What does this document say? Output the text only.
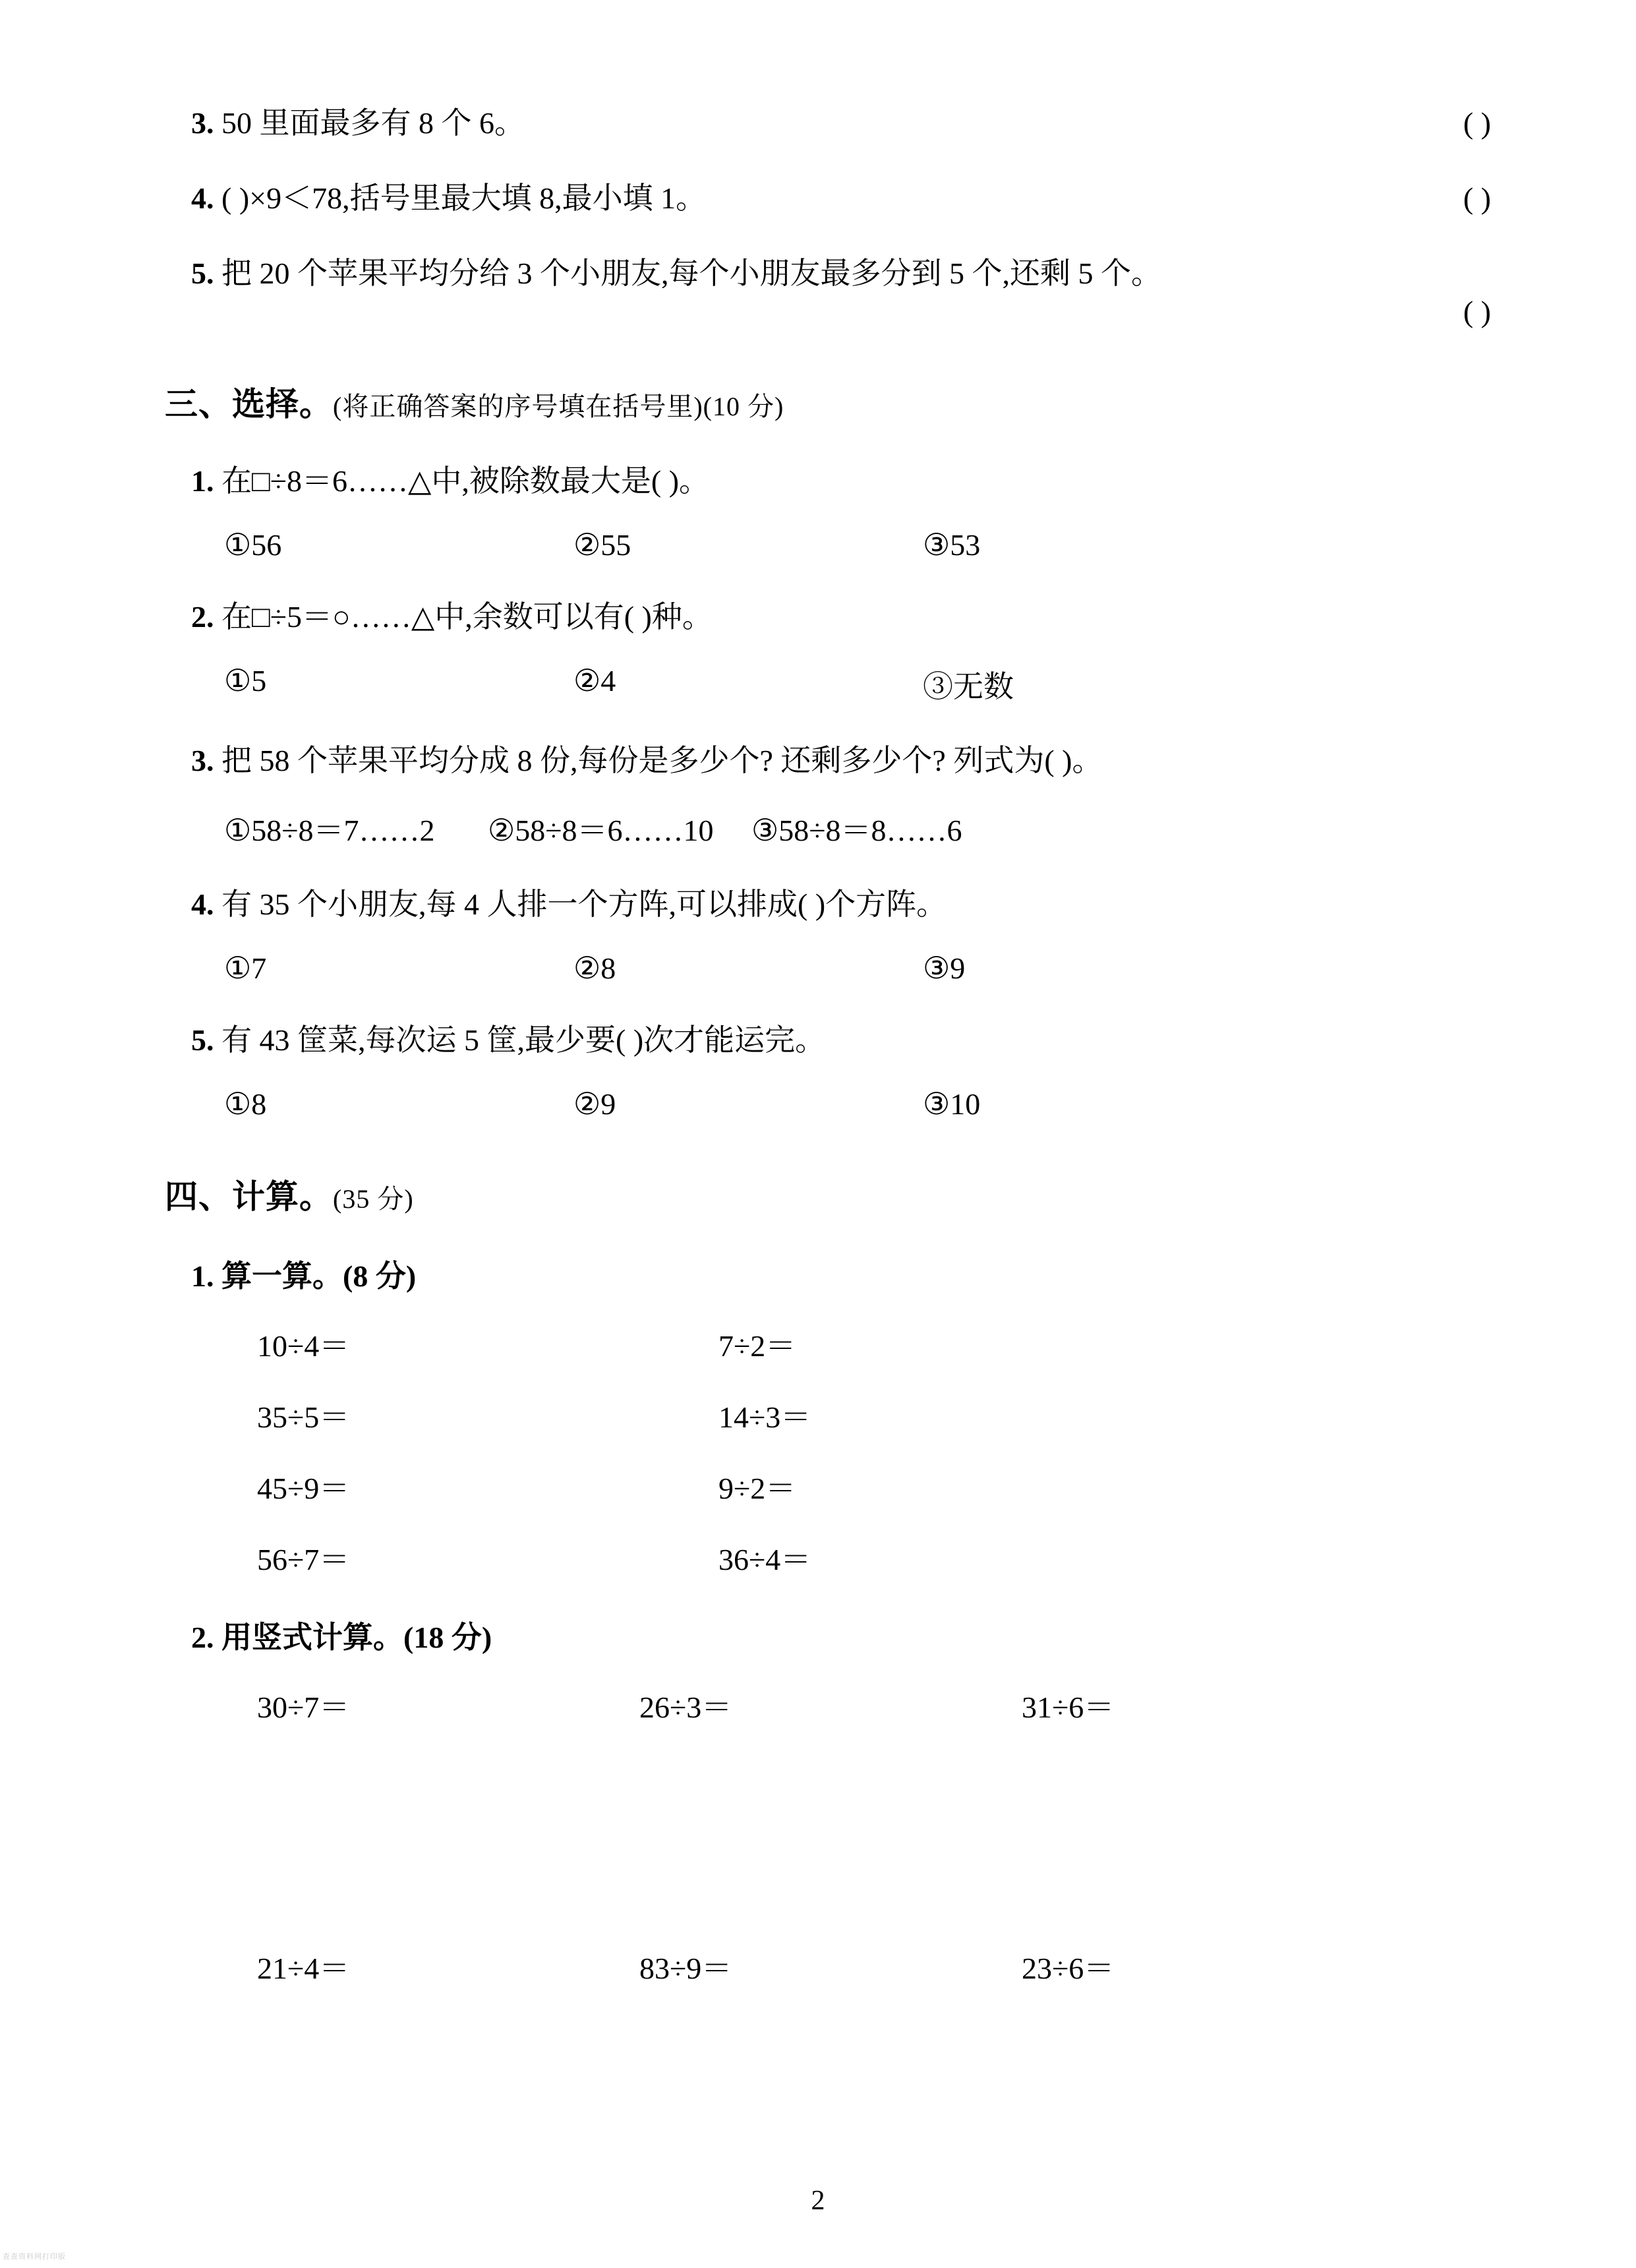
3. 50 里面最多有 8 个 6。	( )
4. ( )×9＜78,括号里最大填 8,最小填 1。	( )
5. 把 20 个苹果平均分给 3 个小朋友,每个小朋友最多分到 5 个,还剩 5 个。
( )
三、选择。(将正确答案的序号填在括号里)(10 分)
1. 在□÷8＝6……△中,被除数最大是( )。
①56	②55	③53
2. 在□÷5＝○……△中,余数可以有( )种。
①5	②4	③无数
3. 把 58 个苹果平均分成 8 份,每份是多少个? 还剩多少个? 列式为( )。
①58÷8＝7……2	②58÷8＝6……10	③58÷8＝8……6
4. 有 35 个小朋友,每 4 人排一个方阵,可以排成( )个方阵。
①7	②8	③9
5. 有 43 筐菜,每次运 5 筐,最少要( )次才能运完。
①8	②9	③10
四、计算。(35 分)
1. 算一算。(8 分)
10÷4＝	7÷2＝
35÷5＝	14÷3＝
45÷9＝	9÷2＝
56÷7＝	36÷4＝
2. 用竖式计算。(18 分)
30÷7＝	26÷3＝	31÷6＝
21÷4＝	83÷9＝	23÷6＝
2
查查资料网打印版
